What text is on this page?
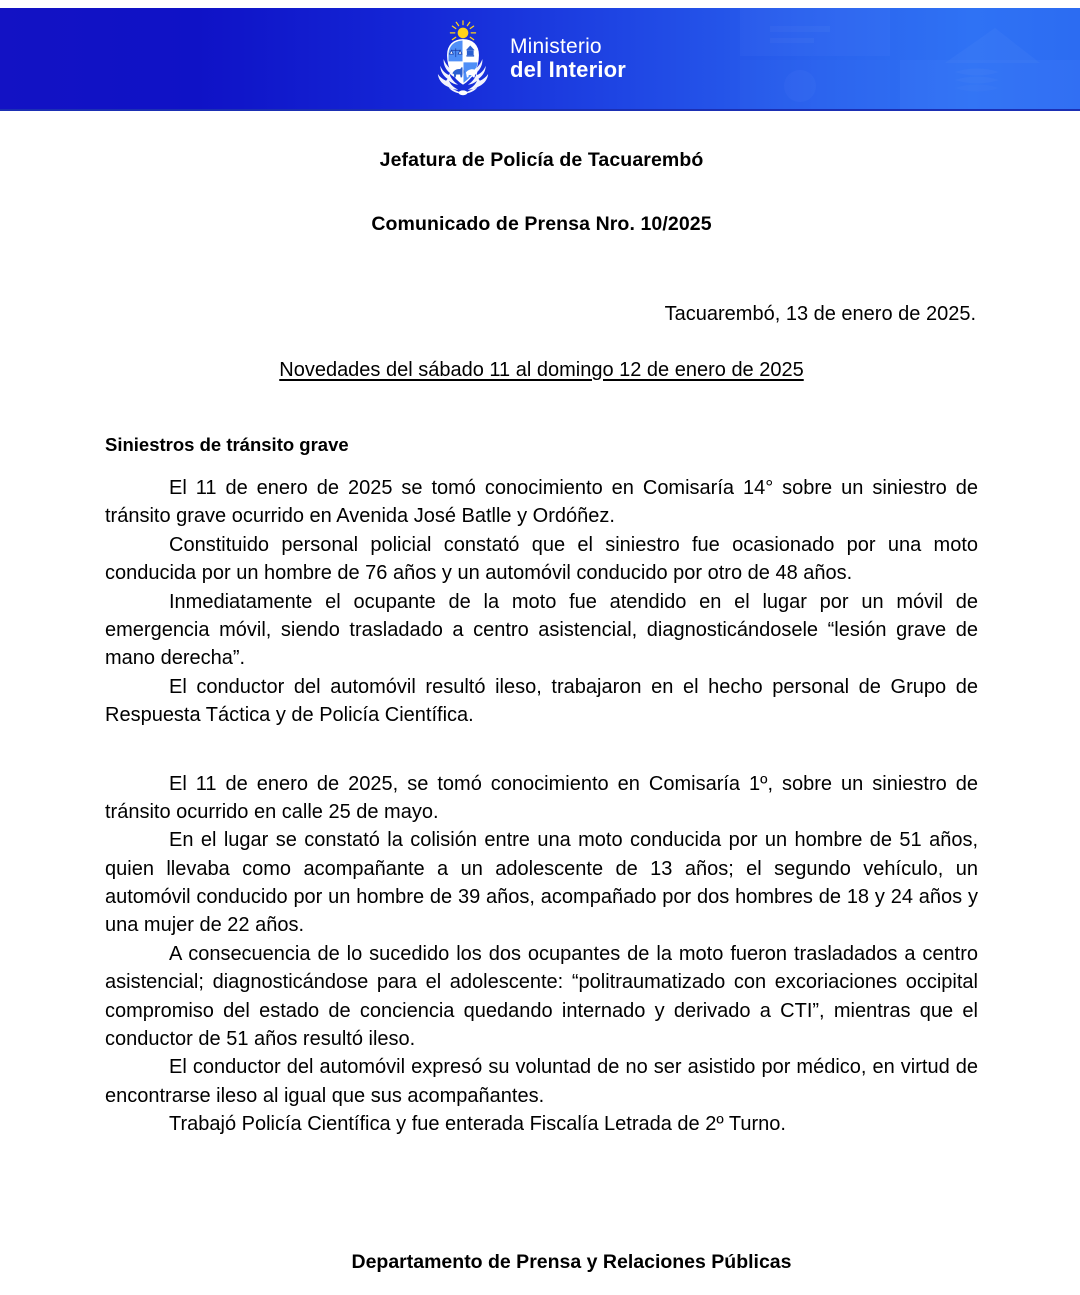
Ministerio
del Interior
Jefatura de Policía de Tacuarembó
Comunicado de Prensa Nro. 10/2025
Tacuarembó, 13 de enero de 2025.
Novedades del sábado 11 al domingo 12 de enero de 2025
Siniestros de tránsito grave

El 11 de enero de 2025 se tomó conocimiento en Comisaría 14° sobre un siniestro de tránsito grave ocurrido en Avenida José Batlle y Ordóñez.

Constituido personal policial constató que el siniestro fue ocasionado por una moto conducida por un hombre de 76 años y un automóvil conducido por otro de 48 años.

Inmediatamente el ocupante de la moto fue atendido en el lugar por un móvil de emergencia móvil, siendo trasladado a centro asistencial, diagnosticándosele “lesión grave de mano derecha”.

El conductor del automóvil resultó ileso, trabajaron en el hecho personal de Grupo de Respuesta Táctica y de Policía Científica.

El 11 de enero de 2025, se tomó conocimiento en Comisaría 1º, sobre un siniestro de tránsito ocurrido en calle 25 de mayo.

En el lugar se constató la colisión entre una moto conducida por un hombre de 51 años, quien llevaba como acompañante a un adolescente de 13 años; el segundo vehículo, un automóvil conducido por un hombre de 39 años, acompañado por dos hombres de 18 y 24 años y una mujer de 22 años.

A consecuencia de lo sucedido los dos ocupantes de la moto fueron trasladados a centro asistencial; diagnosticándose para el adolescente: “politraumatizado con excoriaciones occipital compromiso del estado de conciencia quedando internado y derivado a CTI”, mientras que el conductor de 51 años resultó ileso.

El conductor del automóvil expresó su voluntad de no ser asistido por médico, en virtud de encontrarse ileso al igual que sus acompañantes.

Trabajó Policía Científica y fue enterada Fiscalía Letrada de 2º Turno.

Departamento de Prensa y Relaciones Públicas
